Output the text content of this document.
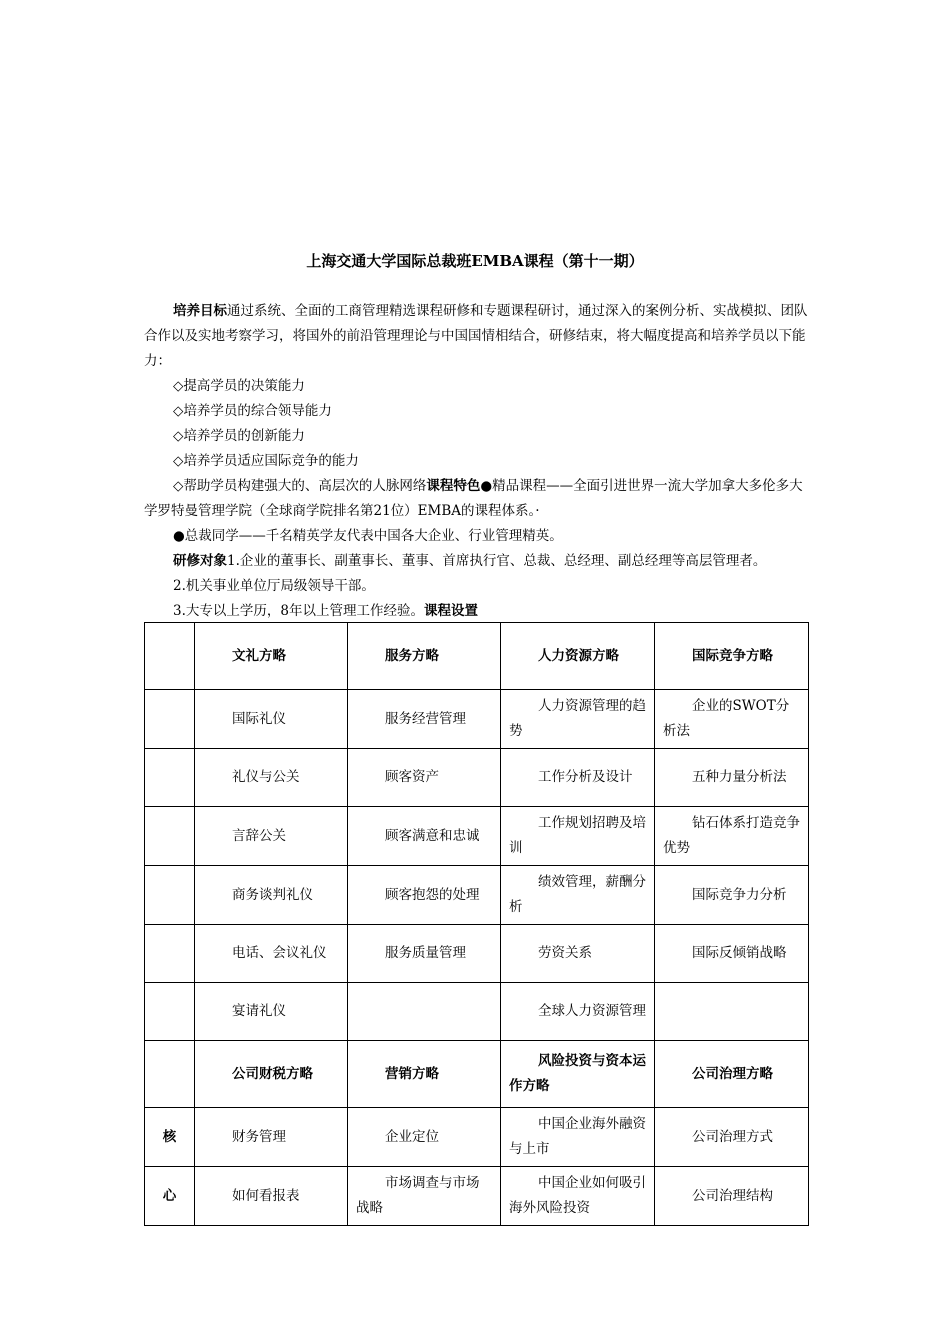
上海交通大学国际总裁班EMBA课程（第十一期）

培养目标通过系统、全面的工商管理精选课程研修和专题课程研讨，通过深入的案例分析、实战模拟、团队合作以及实地考察学习，将国外的前沿管理理论与中国国情相结合，研修结束，将大幅度提高和培养学员以下能力：

◇提高学员的决策能力

◇培养学员的综合领导能力

◇培养学员的创新能力

◇培养学员适应国际竞争的能力

◇帮助学员构建强大的、高层次的人脉网络课程特色●精品课程——全面引进世界一流大学加拿大多伦多大学罗特曼管理学院（全球商学院排名第21位）EMBA的课程体系。·

●总裁同学——千名精英学友代表中国各大企业、行业管理精英。

研修对象1.企业的董事长、副董事长、董事、首席执行官、总裁、总经理、副总经理等高层管理者。

2.机关事业单位厅局级领导干部。

3.大专以上学历，8年以上管理工作经验。课程设置

	文礼方略	服务方略	人力资源方略	国际竞争方略
	国际礼仪	服务经营管理	人力资源管理的趋势	企业的SWOT分析法
	礼仪与公关	顾客资产	工作分析及设计	五种力量分析法
	言辞公关	顾客满意和忠诚	工作规划招聘及培训	钻石体系打造竞争优势
	商务谈判礼仪	顾客抱怨的处理	绩效管理，薪酬分析	国际竞争力分析
	电话、会议礼仪	服务质量管理	劳资关系	国际反倾销战略
	宴请礼仪		全球人力资源管理	
	公司财税方略	营销方略	风险投资与资本运作方略	公司治理方略
核	财务管理	企业定位	中国企业海外融资与上市	公司治理方式
心	如何看报表	市场调查与市场战略	中国企业如何吸引海外风险投资	公司治理结构
